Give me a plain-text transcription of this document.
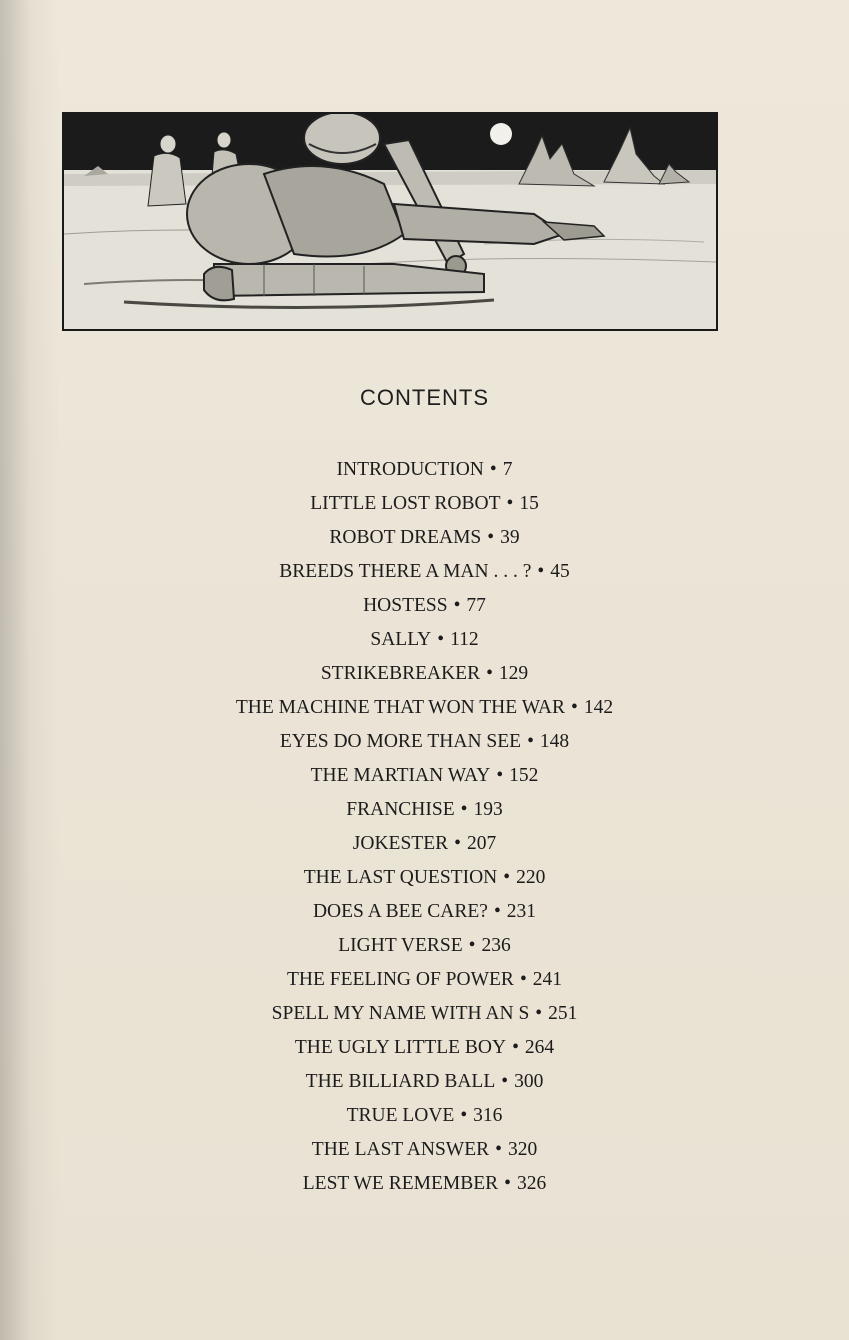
CONTENTS
INTRODUCTION • 7
LITTLE LOST ROBOT • 15
ROBOT DREAMS • 39
BREEDS THERE A MAN . . . ? • 45
HOSTESS • 77
SALLY • 112
STRIKEBREAKER • 129
THE MACHINE THAT WON THE WAR • 142
EYES DO MORE THAN SEE • 148
THE MARTIAN WAY • 152
FRANCHISE • 193
JOKESTER • 207
THE LAST QUESTION • 220
DOES A BEE CARE? • 231
LIGHT VERSE • 236
THE FEELING OF POWER • 241
SPELL MY NAME WITH AN S • 251
THE UGLY LITTLE BOY • 264
THE BILLIARD BALL • 300
TRUE LOVE • 316
THE LAST ANSWER • 320
LEST WE REMEMBER • 326
